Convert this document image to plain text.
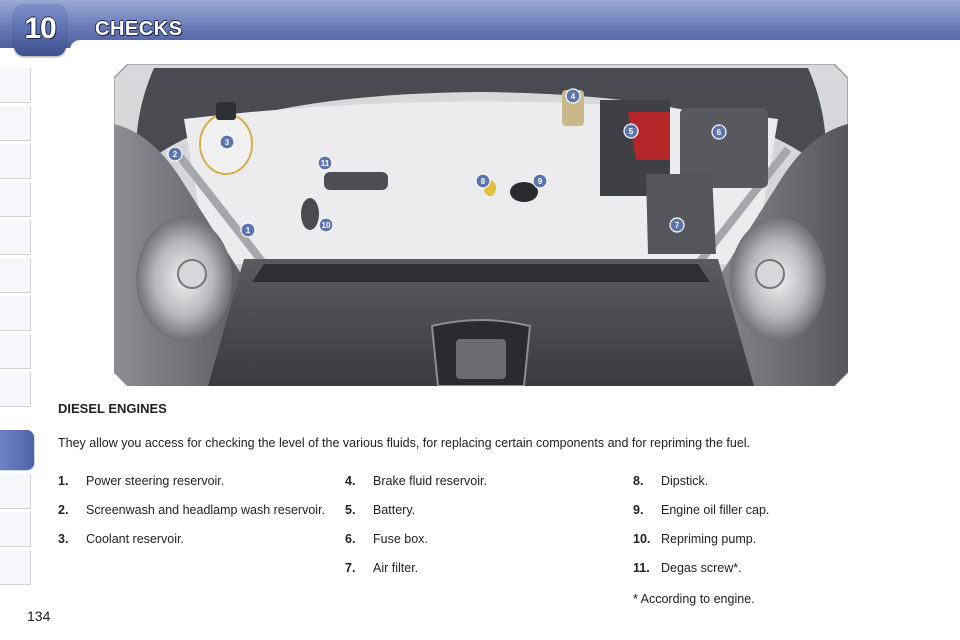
10	CHECKS
1
2
3
4
5	6
7
8	9
10
11
DIESEL ENGINES
They allow you access for checking the level of the various fluids, for replacing certain components and for repriming the fuel.
1. Power steering reservoir.
2. Screenwash and headlamp wash reservoir.
3. Coolant reservoir.
4. Brake fluid reservoir.
5. Battery.
6. Fuse box.
7. Air filter.
8. Dipstick.
9. Engine oil filler cap.
10. Repriming pump.
11. Degas screw*.
* According to engine.
134
